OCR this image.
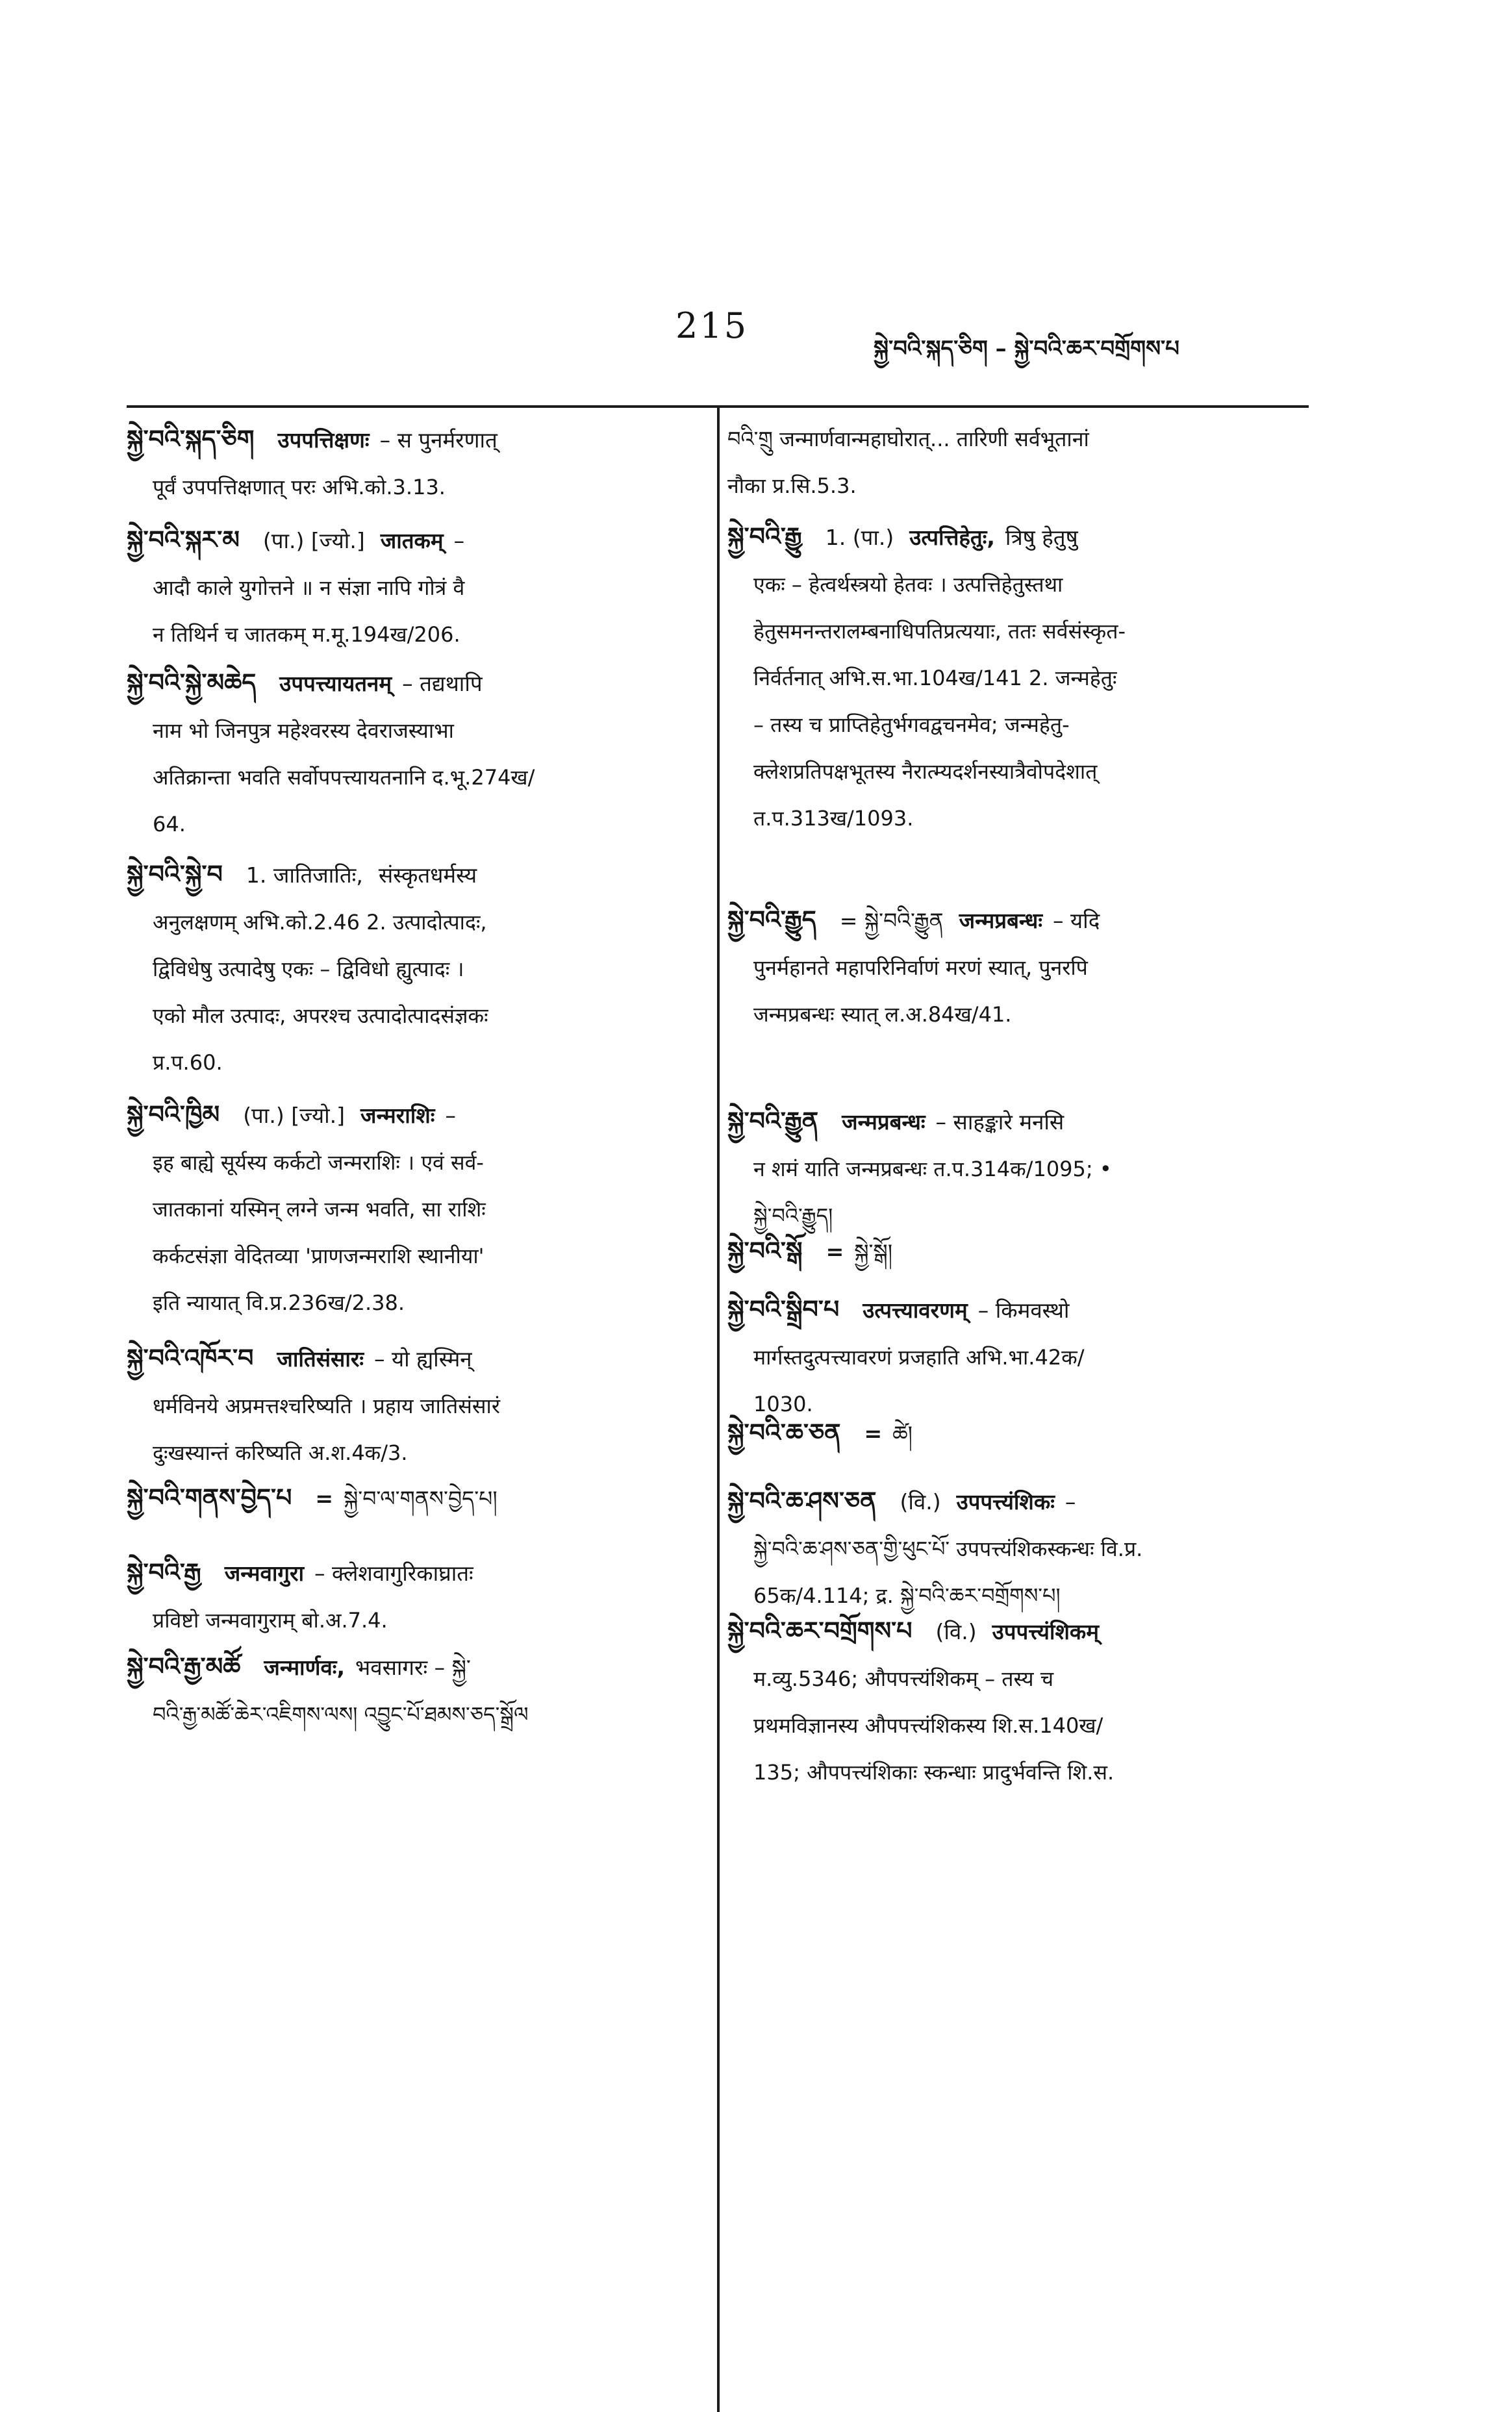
215
སྐྱེ་བའི་སྐད་ཅིག – སྐྱེ་བའི་ཆར་བགྲོགས་པ
སྐྱེ་བའི་སྐད་ཅིག उपपत्तिक्षणः – स पुनर्मरणात्
पूर्वं उपपत्तिक्षणात् परः अभि.को.3.13.
སྐྱེ་བའི་སྐར་མ (पा.) [ज्यो.] जातकम् –
आदौ काले युगोत्तने ॥ न संज्ञा नापि गोत्रं वै
न तिथिर्न च जातकम् म.मू.194ख/206.
སྐྱེ་བའི་སྐྱེ་མཆེད उपपत्त्यायतनम् – तद्यथापि
नाम भो जिनपुत्र महेश्वरस्य देवराजस्याभा
अतिक्रान्ता भवति सर्वोपपत्त्यायतनानि द.भू.274ख/
64.
སྐྱེ་བའི་སྐྱེ་བ 1. जातिजातिः, संस्कृतधर्मस्य
अनुलक्षणम् अभि.को.2.46 2. उत्पादोत्पादः,
द्विविधेषु उत्पादेषु एकः – द्विविधो ह्युत्पादः ।
एको मौल उत्पादः, अपरश्च उत्पादोत्पादसंज्ञकः
प्र.प.60.
སྐྱེ་བའི་ཁྱིམ (पा.) [ज्यो.] जन्मराशिः –
इह बाह्ये सूर्यस्य कर्कटो जन्मराशिः । एवं सर्व-
जातकानां यस्मिन् लग्ने जन्म भवति, सा राशिः
कर्कटसंज्ञा वेदितव्या 'प्राणजन्मराशि स्थानीया'
इति न्यायात् वि.प्र.236ख/2.38.
སྐྱེ་བའི་འཁོར་བ जातिसंसारः – यो ह्यस्मिन्
धर्मविनये अप्रमत्तश्चरिष्यति । प्रहाय जातिसंसारं
दुःखस्यान्तं करिष्यति अ.श.4क/3.
སྐྱེ་བའི་གནས་བྱེད་པ = སྐྱེ་བ་ལ་གནས་བྱེད་པ།
སྐྱེ་བའི་རྒྱ जन्मवागुरा – क्लेशवागुरिकाघ्रातः
प्रविष्टो जन्मवागुराम् बो.अ.7.4.
སྐྱེ་བའི་རྒྱ་མཚོ जन्मार्णवः, भवसागरः – སྐྱེ་
བའི་རྒྱ་མཚོ་ཆེར་འཇིགས་ལས། འབྱུང་པོ་ཐམས་ཅད་སྒྲོལ
བའི་གྲུ जन्मार्णवान्महाघोरात्... तारिणी सर्वभूतानां
नौका प्र.सि.5.3.
སྐྱེ་བའི་རྒྱུ 1. (पा.) उत्पत्तिहेतुः, त्रिषु हेतुषु
एकः – हेत्वर्थस्त्रयो हेतवः । उत्पत्तिहेतुस्तथा
हेतुसमनन्तरालम्बनाधिपतिप्रत्ययाः, ततः सर्वसंस्कृत-
निर्वर्तनात् अभि.स.भा.104ख/141 2. जन्महेतुः
– तस्य च प्राप्तिहेतुर्भगवद्वचनमेव; जन्महेतु-
क्लेशप्रतिपक्षभूतस्य नैरात्म्यदर्शनस्यात्रैवोपदेशात्
त.प.313ख/1093.
སྐྱེ་བའི་རྒྱུད = སྐྱེ་བའི་རྒྱུན जन्मप्रबन्धः – यदि
पुनर्महानते महापरिनिर्वाणं मरणं स्यात्, पुनरपि
जन्मप्रबन्धः स्यात् ल.अ.84ख/41.
སྐྱེ་བའི་རྒྱུན जन्मप्रबन्धः – साहङ्कारे मनसि
न शमं याति जन्मप्रबन्धः त.प.314क/1095; •
སྐྱེ་བའི་རྒྱུད།
སྐྱེ་བའི་སྒོ = སྐྱེ་སྒོ།
སྐྱེ་བའི་སྒྲིབ་པ उत्पत्त्यावरणम् – किमवस्थो
मार्गस्तदुत्पत्त्यावरणं प्रजहाति अभि.भा.42क/
1030.
སྐྱེ་བའི་ཆ་ཅན = ཚེ།
སྐྱེ་བའི་ཆ་ཤས་ཅན (वि.) उपपत्त्यंशिकः –
སྐྱེ་བའི་ཆ་ཤས་ཅན་གྱི་ཕུང་པོ་ उपपत्त्यंशिकस्कन्धः वि.प्र.
65क/4.114; द्र. སྐྱེ་བའི་ཆར་བགྲོགས་པ།
སྐྱེ་བའི་ཆར་བགྲོགས་པ (वि.) उपपत्त्यंशिकम्
म.व्यु.5346; औपपत्त्यंशिकम् – तस्य च
प्रथमविज्ञानस्य औपपत्त्यंशिकस्य शि.स.140ख/
135; औपपत्त्यंशिकाः स्कन्धाः प्रादुर्भवन्ति शि.स.
